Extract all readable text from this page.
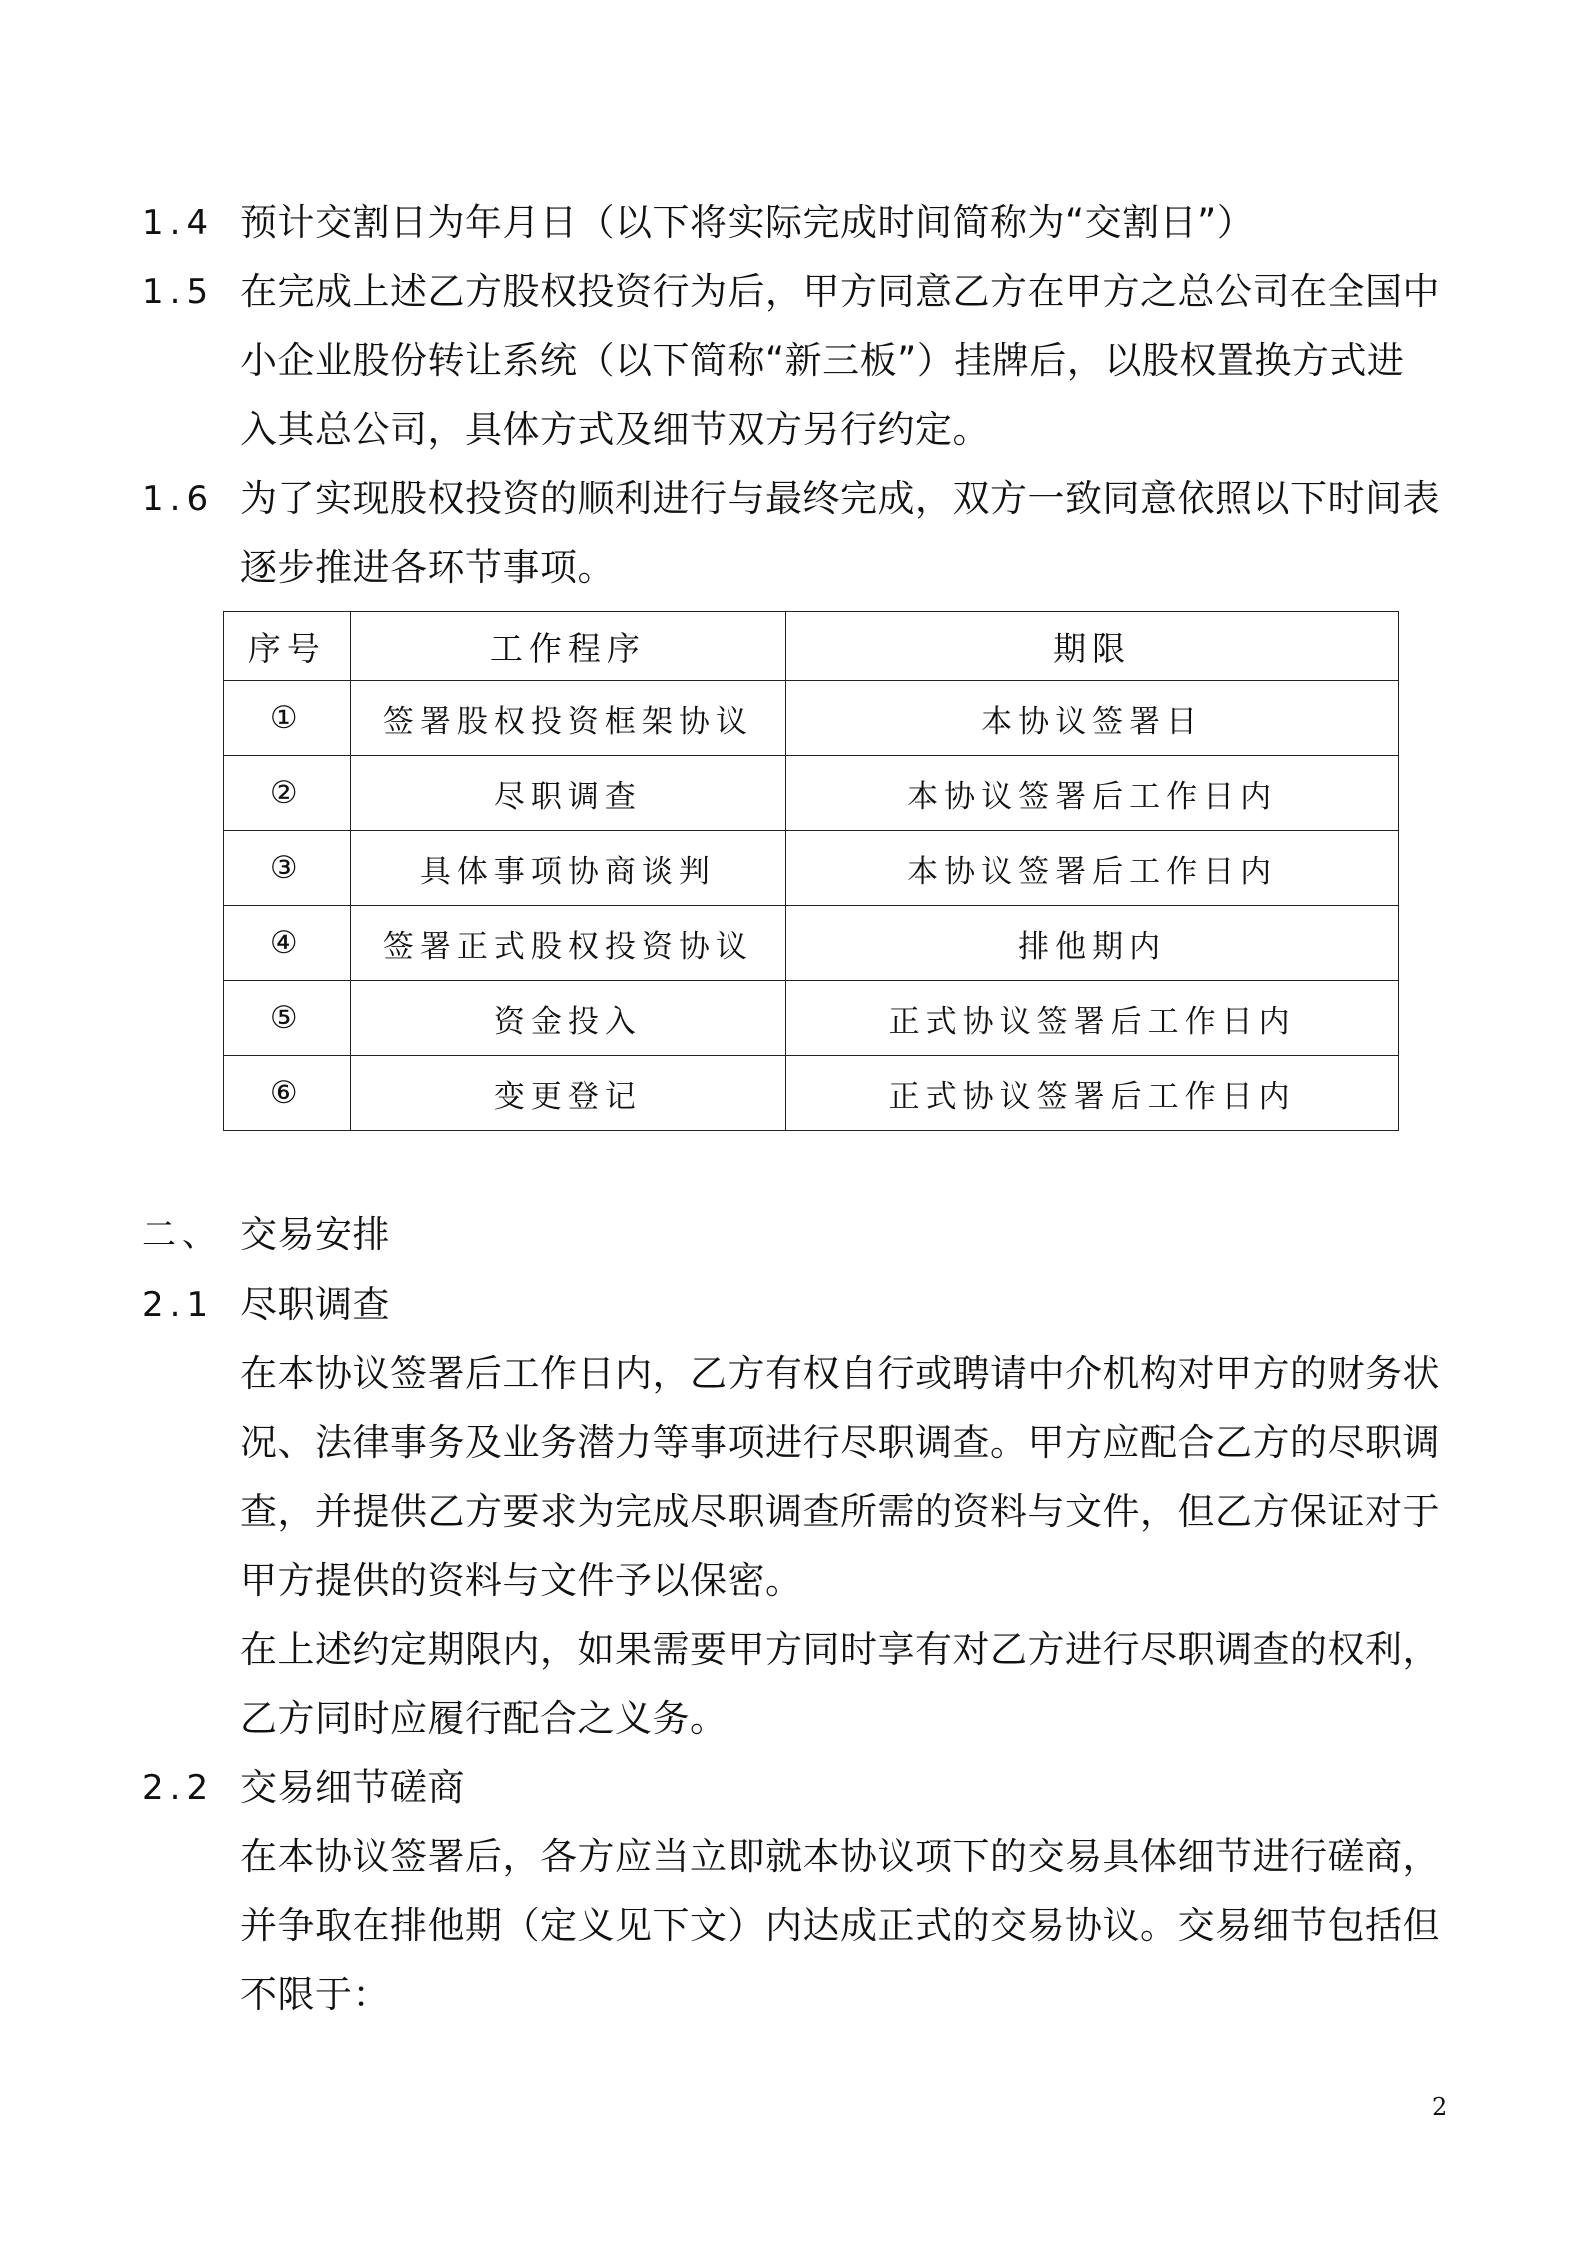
1.4 预计交割日为年月日（以下将实际完成时间简称为“交割日”）
1.5 在完成上述乙方股权投资行为后，甲方同意乙方在甲方之总公司在全国中
小企业股份转让系统（以下简称“新三板”）挂牌后，以股权置换方式进
入其总公司，具体方式及细节双方另行约定。
1.6 为了实现股权投资的顺利进行与最终完成，双方一致同意依照以下时间表
逐步推进各环节事项。
序号	工作程序	期限
①	签署股权投资框架协议	本协议签署日
②	尽职调查	本协议签署后工作日内
③	具体事项协商谈判	本协议签署后工作日内
④	签署正式股权投资协议	排他期内
⑤	资金投入	正式协议签署后工作日内
⑥	变更登记	正式协议签署后工作日内
二、 交易安排
2.1 尽职调查
在本协议签署后工作日内，乙方有权自行或聘请中介机构对甲方的财务状
况、法律事务及业务潜力等事项进行尽职调查。甲方应配合乙方的尽职调
查，并提供乙方要求为完成尽职调查所需的资料与文件，但乙方保证对于
甲方提供的资料与文件予以保密。
在上述约定期限内，如果需要甲方同时享有对乙方进行尽职调查的权利，
乙方同时应履行配合之义务。
2.2 交易细节磋商
在本协议签署后，各方应当立即就本协议项下的交易具体细节进行磋商，
并争取在排他期（定义见下文）内达成正式的交易协议。交易细节包括但
不限于：
2
